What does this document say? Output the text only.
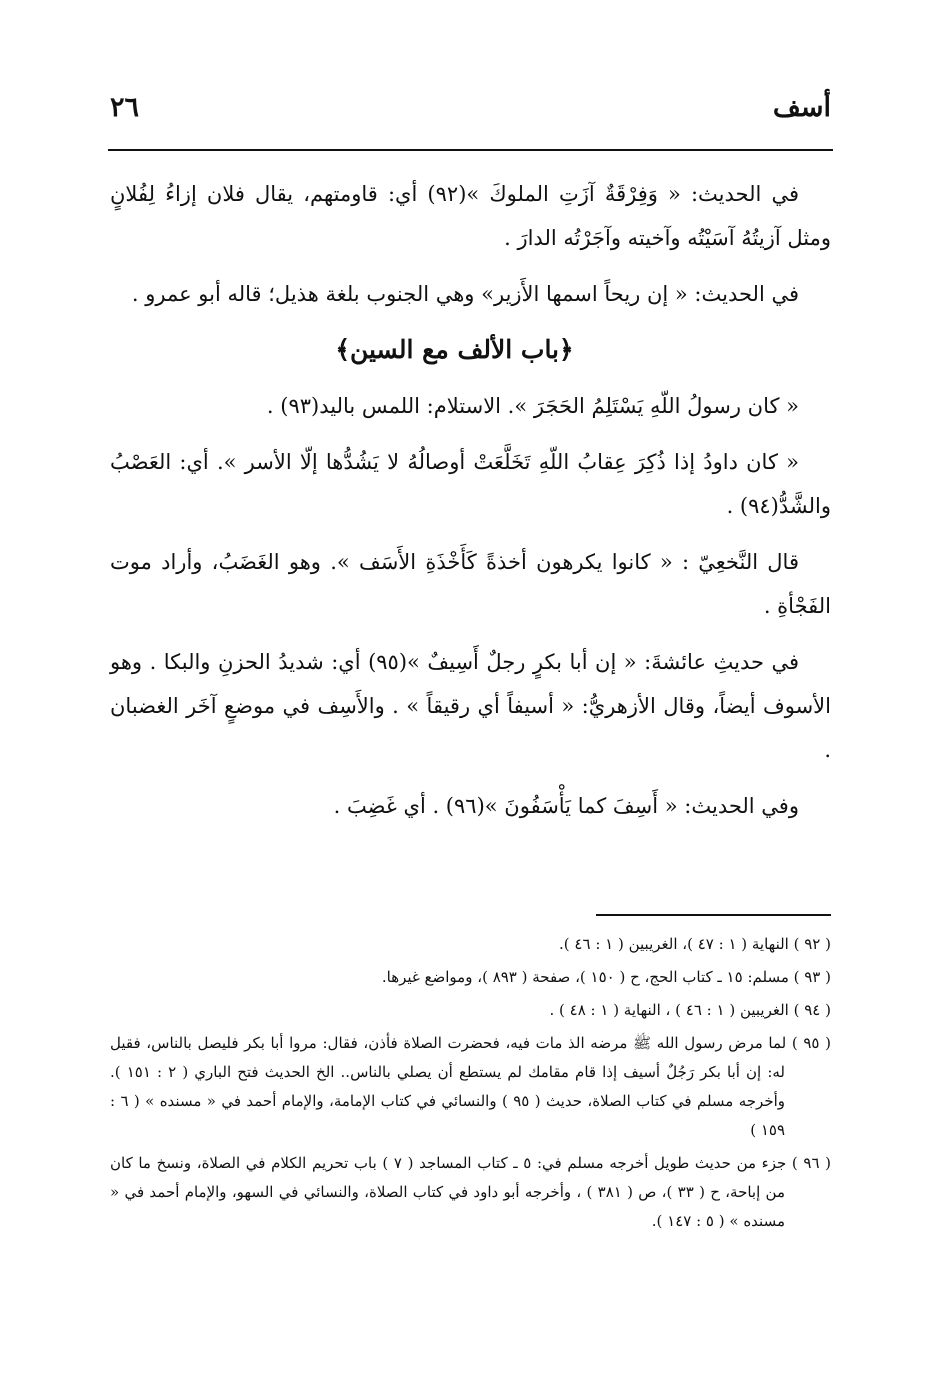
أسف
٢٦

في الحديث: « وَفِرْقَةٌ آزَتِ الملوكَ »(٩٢) أي: قاومتهم، يقال فلان إزاءُ لِفُلانٍ ومثل آزيتُهُ آسَيْتُه وآخيته وآجَرْتُه الدارَ .

في الحديث: « إن ريحاً اسمها الأَزير» وهي الجنوب بلغة هذيل؛ قاله أبو عمرو .

﴿باب الألف مع السين﴾

« كان رسولُ اللّهِ يَسْتَلِمُ الحَجَرَ ». الاستلام: اللمس باليد(٩٣) .

« كان داودُ إذا ذُكِرَ عِقابُ اللّهِ تَخَلَّعَتْ أوصالُهُ لا يَشُدُّها إلّا الأسر ». أي: العَصْبُ والشَّدُّ(٩٤) .

قال النَّخعِيّ : « كانوا يكرهون أخذةً كَأَخْذَةِ الأَسَف ». وهو الغَضَبُ، وأراد موت الفَجْأةِ .

في حديثِ عائشةَ: « إن أبا بكرٍ رجلٌ أَسِيفٌ »(٩٥) أي: شديدُ الحزنِ والبكا . وهو الأسوف أيضاً، وقال الأزهريُّ: « أسيفاً أي رقيقاً » . والأَسِف في موضعٍ آخَر الغضبان .

وفي الحديث: « أَسِفَ كما يَأْسَفُونَ »(٩٦) . أي غَضِبَ .

( ٩٢ ) النهاية ( ١ : ٤٧ )، الغريبين ( ١ : ٤٦ ).

( ٩٣ ) مسلم: ١٥ ـ كتاب الحج، ح ( ١٥٠ )، صفحة ( ٨٩٣ )، ومواضع غيرها.

( ٩٤ ) الغريبين ( ١ : ٤٦ ) ، النهاية ( ١ : ٤٨ ) .

( ٩٥ ) لما مرض رسول الله ﷺ مرضه الذ مات فيه، فحضرت الصلاة فأذن، فقال: مروا أبا بكر فليصل بالناس، فقيل له: إن أبا بكر رَجُلٌ أسيف إذا قام مقامك لم يستطع أن يصلي بالناس.. الخ الحديث فتح الباري ( ٢ : ١٥١ ). وأخرجه مسلم في كتاب الصلاة، حديث ( ٩٥ ) والنسائي في كتاب الإمامة، والإمام أحمد في « مسنده » ( ٦ : ١٥٩ )

( ٩٦ ) جزء من حديث طويل أخرجه مسلم في: ٥ ـ كتاب المساجد ( ٧ ) باب تحريم الكلام في الصلاة، ونسخ ما كان من إباحة، ح ( ٣٣ )، ص ( ٣٨١ ) ، وأخرجه أبو داود في كتاب الصلاة، والنسائي في السهو، والإمام أحمد في « مسنده » ( ٥ : ١٤٧ ).
